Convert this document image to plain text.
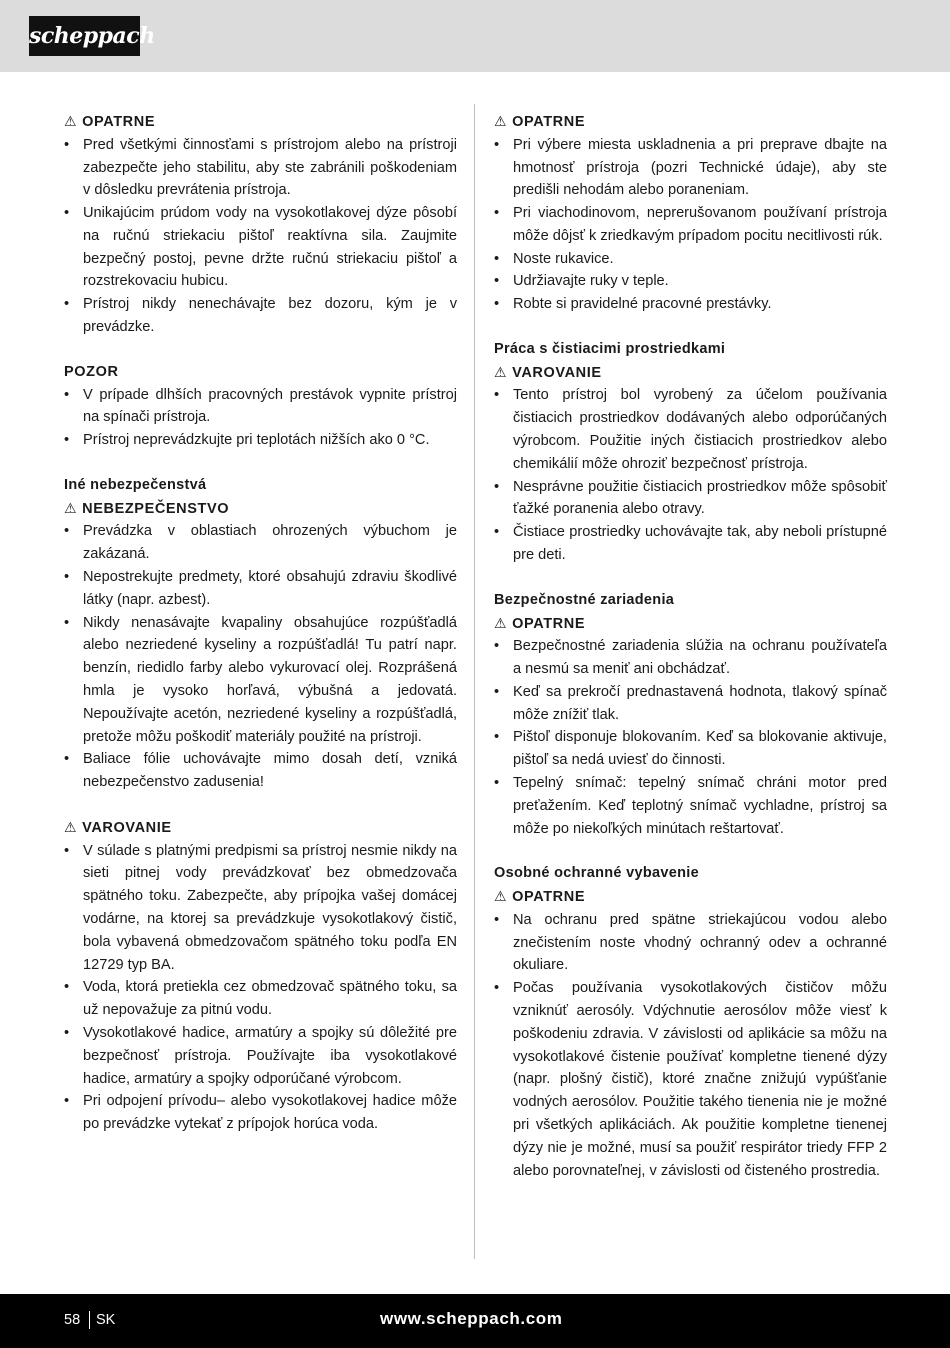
scheppach
⚠ OPATRNE
• Pred všetkými činnosťami s prístrojom alebo na prístroji zabezpečte jeho stabilitu, aby ste zabránili poškodeniam v dôsledku prevrátenia prístroja.
• Unikajúcim prúdom vody na vysokotlakovej dýze pôsobí na ručnú striekaciu pištoľ reaktívna sila. Zaujmite bezpečný postoj, pevne držte ručnú striekaciu pištoľ a rozstrekovaciu hubicu.
• Prístroj nikdy nenechávajte bez dozoru, kým je v prevádzke.
POZOR
• V prípade dlhších pracovných prestávok vypnite prístroj na spínači prístroja.
• Prístroj neprevádzkujte pri teplotách nižších ako 0 °C.
Iné nebezpečenstvá
⚠ NEBEZPEČENSTVO
• Prevádzka v oblastiach ohrozených výbuchom je zakázaná.
• Nepostrekujte predmety, ktoré obsahujú zdraviu škodlivé látky (napr. azbest).
• Nikdy nenasávajte kvapaliny obsahujúce rozpúšťadlá alebo nezriedené kyseliny a rozpúšťadlá! Tu patrí napr. benzín, riedidlo farby alebo vykurovací olej. Rozprášená hmla je vysoko horľavá, výbušná a jedovatá. Nepoužívajte acetón, nezriedené kyseliny a rozpúšťadlá, pretože môžu poškodiť materiály použité na prístroji.
• Baliace fólie uchovávajte mimo dosah detí, vzniká nebezpečenstvo zadusenia!
⚠ VAROVANIE
• V súlade s platnými predpismi sa prístroj nesmie nikdy na sieti pitnej vody prevádzkovať bez obmedzovača spätného toku. Zabezpečte, aby prípojka vašej domácej vodárne, na ktorej sa prevádzkuje vysokotlakový čistič, bola vybavená obmedzovačom spätného toku podľa EN 12729 typ BA.
• Voda, ktorá pretiekla cez obmedzovač spätného toku, sa už nepovažuje za pitnú vodu.
• Vysokotlakové hadice, armatúry a spojky sú dôležité pre bezpečnosť prístroja. Používajte iba vysokotlakové hadice, armatúry a spojky odporúčané výrobcom.
• Pri odpojení prívodu– alebo vysokotlakovej hadice môže po prevádzke vytekať z prípojok horúca voda.
⚠ OPATRNE
• Pri výbere miesta uskladnenia a pri preprave dbajte na hmotnosť prístroja (pozri Technické údaje), aby ste predišli nehodám alebo poraneniam.
• Pri viachodinovom, neprerušovanom používaní prístroja môže dôjsť k zriedkavým prípadom pocitu necitlivosti rúk.
• Noste rukavice.
• Udržiavajte ruky v teple.
• Robte si pravidelné pracovné prestávky.
Práca s čistiacimi prostriedkami
⚠ VAROVANIE
• Tento prístroj bol vyrobený za účelom používania čistiacich prostriedkov dodávaných alebo odporúčaných výrobcom. Použitie iných čistiacich prostriedkov alebo chemikálií môže ohroziť bezpečnosť prístroja.
• Nesprávne použitie čistiacich prostriedkov môže spôsobiť ťažké poranenia alebo otravy.
• Čistiace prostriedky uchovávajte tak, aby neboli prístupné pre deti.
Bezpečnostné zariadenia
⚠ OPATRNE
• Bezpečnostné zariadenia slúžia na ochranu používateľa a nesmú sa meniť ani obchádzať.
• Keď sa prekročí prednastavená hodnota, tlakový spínač môže znížiť tlak.
• Pištoľ disponuje blokovaním. Keď sa blokovanie aktivuje, pištoľ sa nedá uviesť do činnosti.
• Tepelný snímač: tepelný snímač chráni motor pred preťažením. Keď teplotný snímač vychladne, prístroj sa môže po niekoľkých minútach reštartovať.
Osobné ochranné vybavenie
⚠ OPATRNE
• Na ochranu pred spätne striekajúcou vodou alebo znečistením noste vhodný ochranný odev a ochranné okuliare.
• Počas používania vysokotlakových čističov môžu vzniknúť aerosóly. Vdýchnutie aerosólov môže viesť k poškodeniu zdravia. V závislosti od aplikácie sa môžu na vysokotlakové čistenie používať kompletne tienené dýzy (napr. plošný čistič), ktoré značne znižujú vypúšťanie vodných aerosólov. Použitie takého tienenia nie je možné pri všetkých aplikáciách. Ak použitie kompletne tienenej dýzy nie je možné, musí sa použiť respirátor triedy FFP 2 alebo porovnateľnej, v závislosti od čisteného prostredia.
58 SK	www.scheppach.com
